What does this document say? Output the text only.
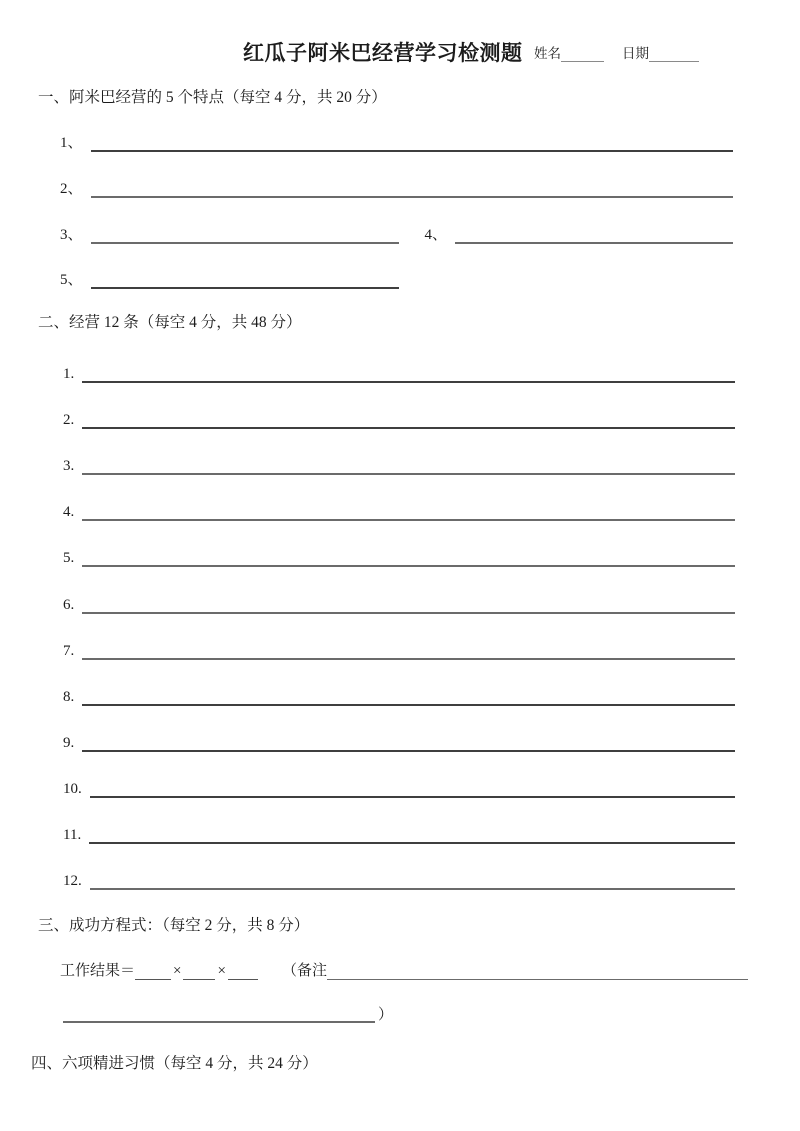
红瓜子阿米巴经营学习检测题 姓名	日期
一、阿米巴经营的 5 个特点（每空 4 分，共 20 分）
1、
2、
3、	4、
5、
二、经营 12 条（每空 4 分，共 48 分）
1.
2.
3.
4.
5.
6.
7.
8.
9.
10.
11.
12.
三、成功方程式：（每空 2 分，共 8 分）
工作结果＝	× ×	（备注
）
四、六项精进习惯（每空 4 分，共 24 分）
